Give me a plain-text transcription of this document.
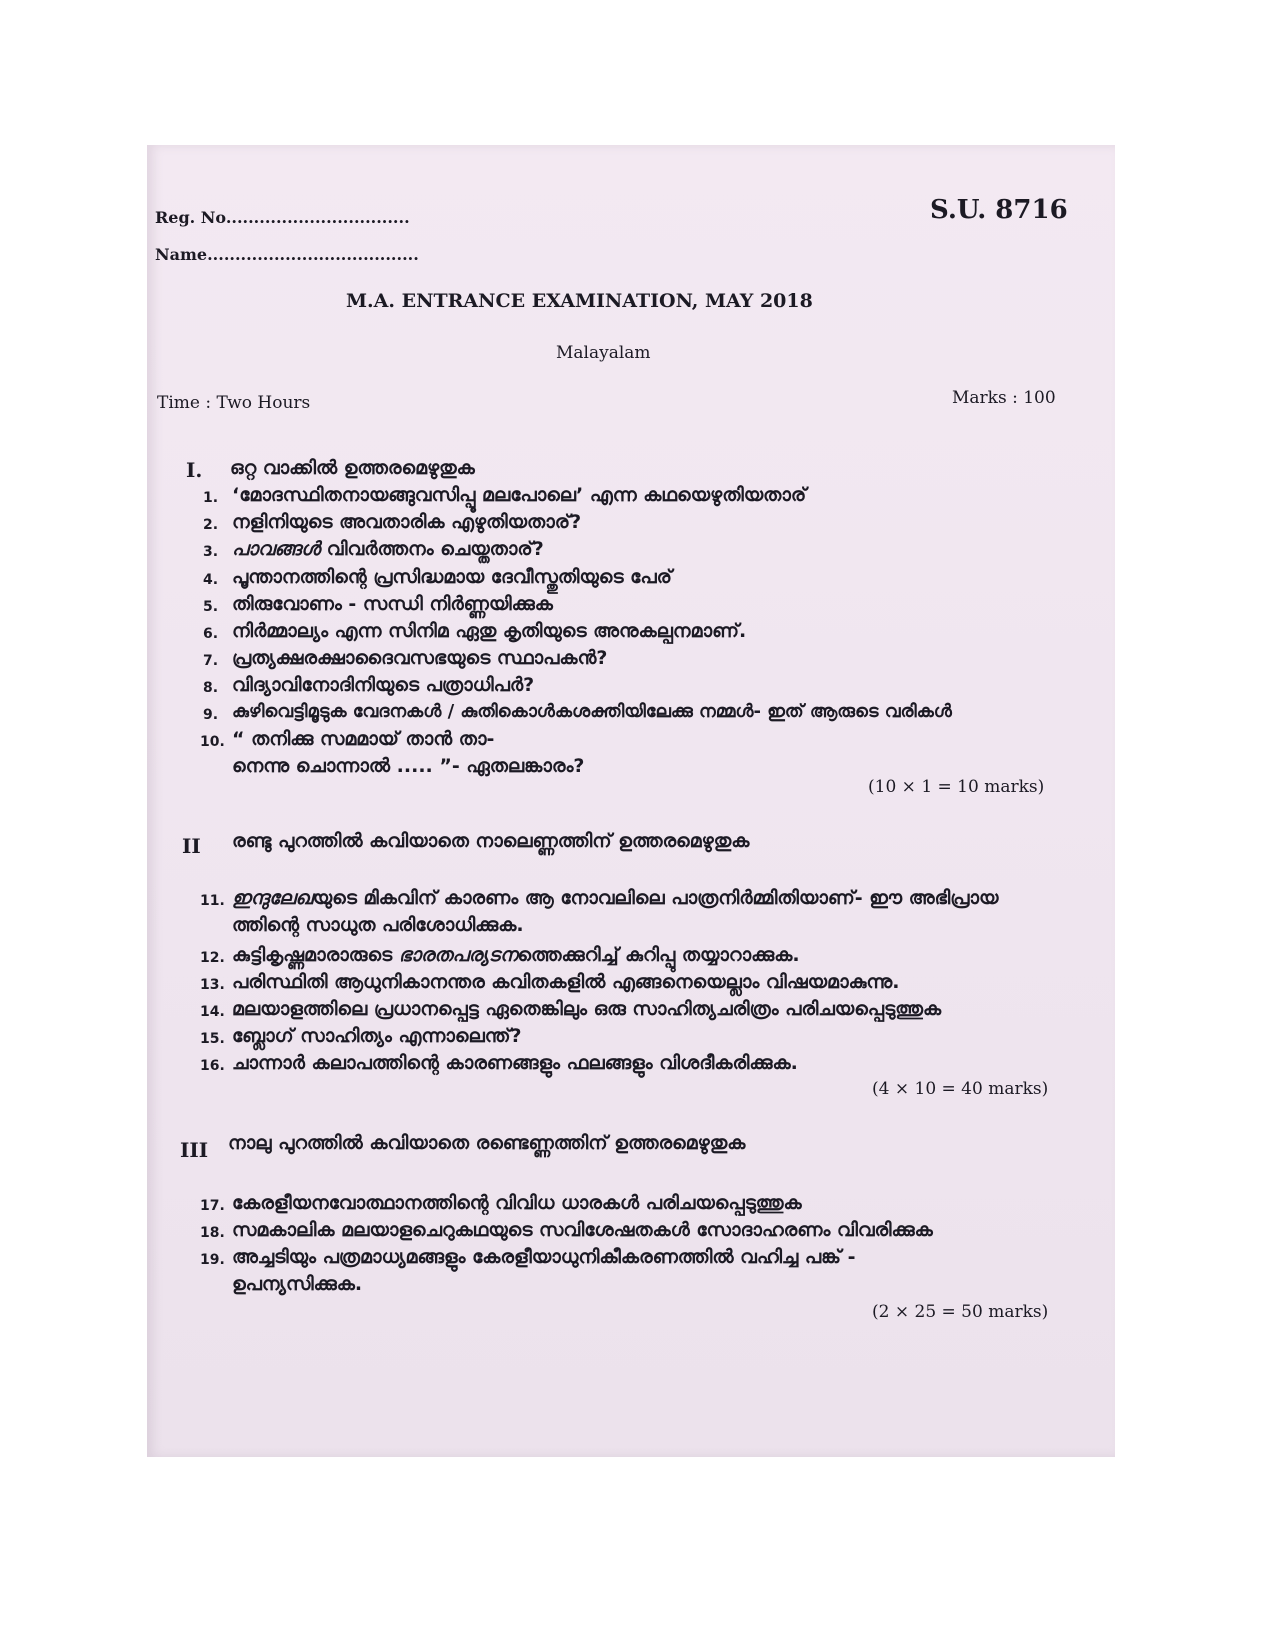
Reg. No.................................
Name......................................
S.U. 8716
M.A. ENTRANCE EXAMINATION, MAY 2018
Malayalam
Time : Two Hours	Marks : 100
I. ഒറ്റ വാക്കിൽ ഉത്തരമെഴുതുക
1. ‘മോദസ്ഥിതനായങ്ങുവസിപ്പൂ മലപോലെ’ എന്ന കഥയെഴുതിയതാര്
2. നളിനിയുടെ അവതാരിക എഴുതിയതാര്?
3. പാവങ്ങൾ വിവർത്തനം ചെയ്തതാര്?
4. പൂന്താനത്തിന്റെ പ്രസിദ്ധമായ ദേവീസ്തുതിയുടെ പേര്
5. തിരുവോണം - സന്ധി നിർണ്ണയിക്കുക
6. നിർമ്മാല്യം എന്ന സിനിമ ഏതു കൃതിയുടെ അനുകല്പനമാണ്.
7. പ്രത്യക്ഷരക്ഷാദൈവസഭയുടെ സ്ഥാപകൻ?
8. വിദ്യാവിനോദിനിയുടെ പത്രാധിപർ?
9. കുഴിവെട്ടിമൂടുക വേദനകൾ / കുതികൊൾകശക്തിയിലേക്കു നമ്മൾ- ഇത് ആരുടെ വരികൾ
10. “ തനിക്കു സമമായ് താൻ താ-
നെന്നു ചൊന്നാൽ ..... ”- ഏതലങ്കാരം?
(10 × 1 = 10 marks)
II രണ്ടു പുറത്തിൽ കവിയാതെ നാലെണ്ണത്തിന് ഉത്തരമെഴുതുക
11. ഇന്ദുലേഖയുടെ മികവിന് കാരണം ആ നോവലിലെ പാത്രനിർമ്മിതിയാണ്- ഈ അഭിപ്രായ
ത്തിന്റെ സാധുത പരിശോധിക്കുക.
12. കുട്ടികൃഷ്ണമാരാരുടെ ഭാരതപര്യടനത്തെക്കുറിച്ച് കുറിപ്പു തയ്യാറാക്കുക.
13. പരിസ്ഥിതി ആധുനികാനന്തര കവിതകളിൽ എങ്ങനെയെല്ലാം വിഷയമാകുന്നു.
14. മലയാളത്തിലെ പ്രധാനപ്പെട്ട ഏതെങ്കിലും ഒരു സാഹിത്യചരിത്രം പരിചയപ്പെടുത്തുക
15. ബ്ലോഗ് സാഹിത്യം എന്നാലെന്ത്?
16. ചാന്നാർ കലാപത്തിന്റെ കാരണങ്ങളും ഫലങ്ങളും വിശദീകരിക്കുക.
(4 × 10 = 40 marks)
III നാലു പുറത്തിൽ കവിയാതെ രണ്ടെണ്ണത്തിന് ഉത്തരമെഴുതുക
17. കേരളീയനവോത്ഥാനത്തിന്റെ വിവിധ ധാരകൾ പരിചയപ്പെടുത്തുക
18. സമകാലിക മലയാളചെറുകഥയുടെ സവിശേഷതകൾ സോദാഹരണം വിവരിക്കുക
19. അച്ചടിയും പത്രമാധ്യമങ്ങളും കേരളീയാധുനികീകരണത്തിൽ വഹിച്ച പങ്ക് -
ഉപന്യസിക്കുക.
(2 × 25 = 50 marks)
